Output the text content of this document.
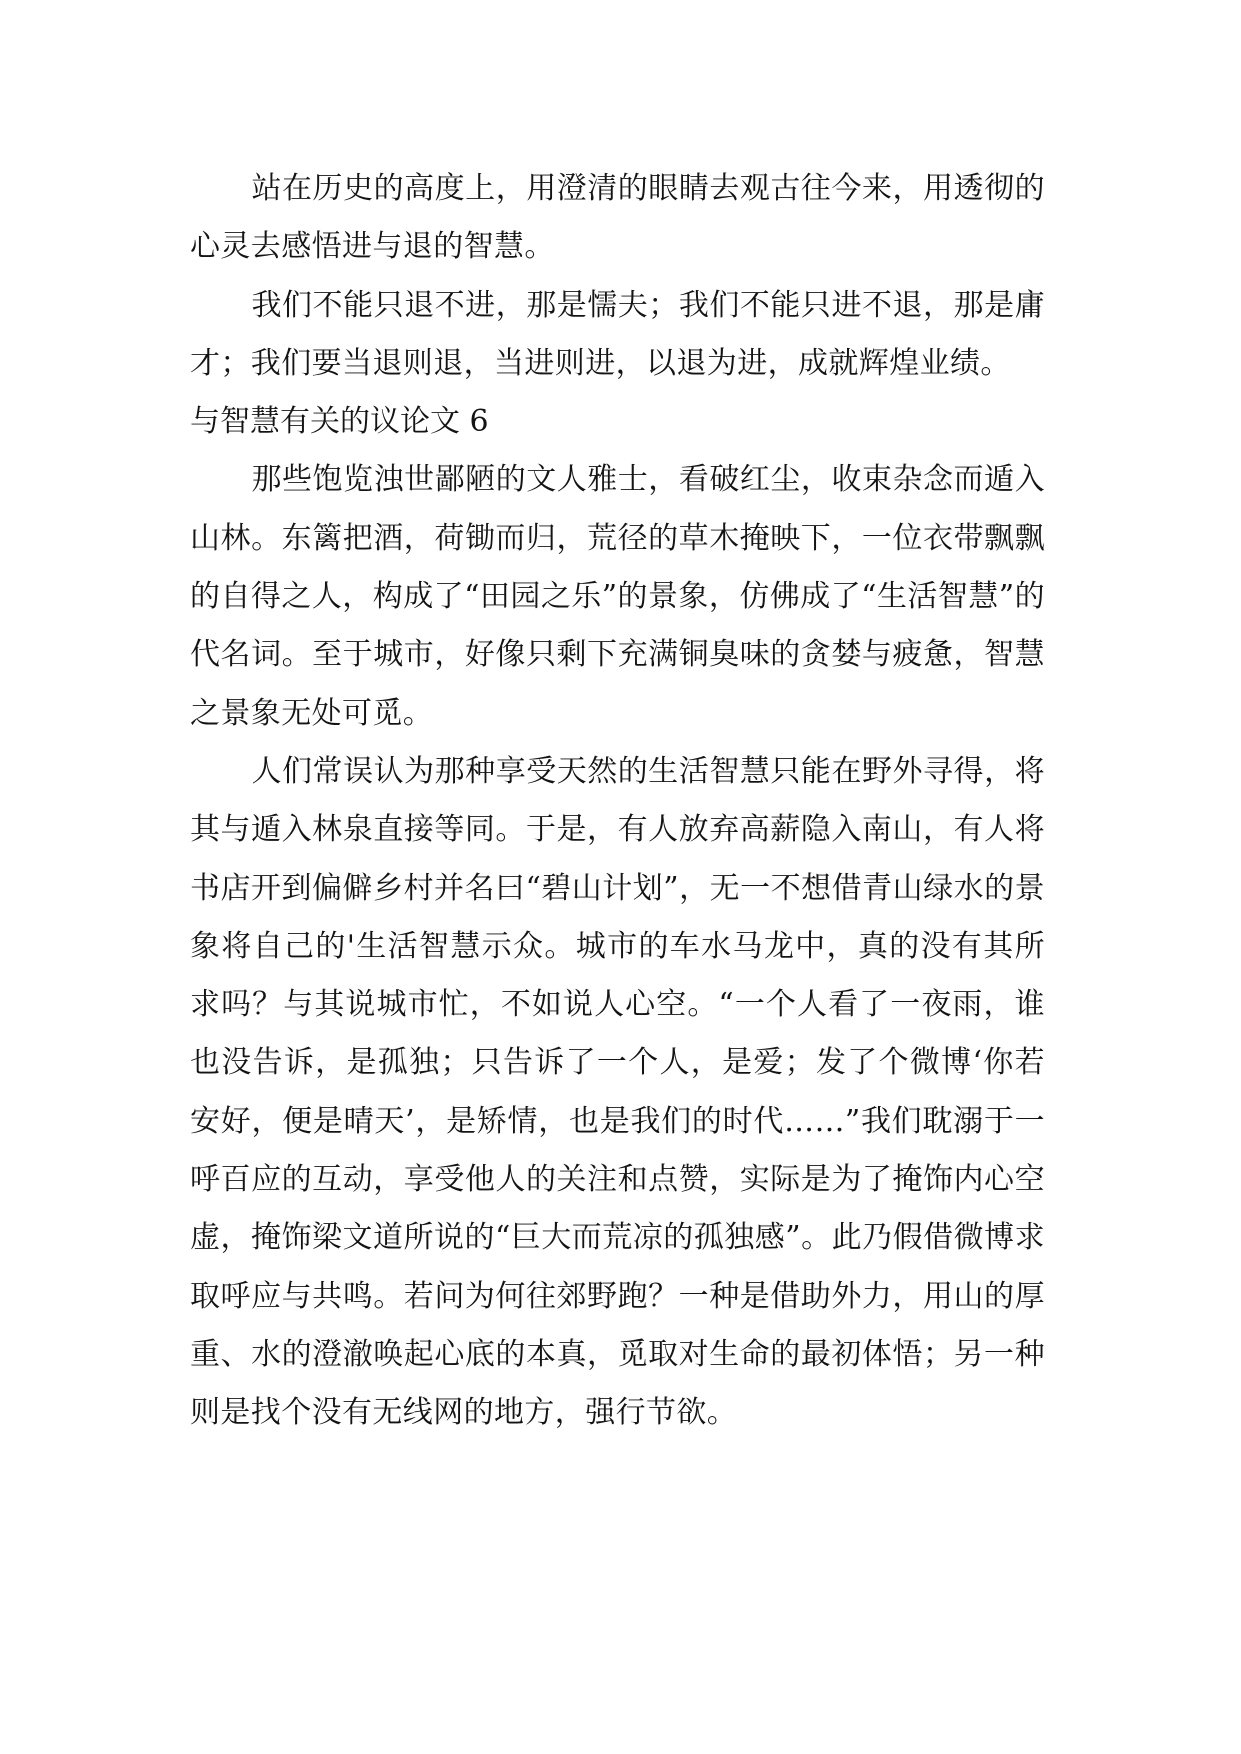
站在历史的高度上，用澄清的眼睛去观古往今来，用透彻的心灵去感悟进与退的智慧。

我们不能只退不进，那是懦夫；我们不能只进不退，那是庸才；我们要当退则退，当进则进，以退为进，成就辉煌业绩。

与智慧有关的议论文 6

那些饱览浊世鄙陋的文人雅士，看破红尘，收束杂念而遁入山林。东篱把酒，荷锄而归，荒径的草木掩映下，一位衣带飘飘的自得之人，构成了“田园之乐”的景象，仿佛成了“生活智慧”的代名词。至于城市，好像只剩下充满铜臭味的贪婪与疲惫，智慧之景象无处可觅。

人们常误认为那种享受天然的生活智慧只能在野外寻得，将其与遁入林泉直接等同。于是，有人放弃高薪隐入南山，有人将书店开到偏僻乡村并名曰“碧山计划”，无一不想借青山绿水的景象将自己的'生活智慧示众。城市的车水马龙中，真的没有其所求吗？与其说城市忙，不如说人心空。“一个人看了一夜雨，谁也没告诉，是孤独；只告诉了一个人，是爱；发了个微博‘你若安好，便是晴天’，是矫情，也是我们的时代……”我们耽溺于一呼百应的互动，享受他人的关注和点赞，实际是为了掩饰内心空虚，掩饰梁文道所说的“巨大而荒凉的孤独感”。此乃假借微博求取呼应与共鸣。若问为何往郊野跑？一种是借助外力，用山的厚重、水的澄澈唤起心底的本真，觅取对生命的最初体悟；另一种则是找个没有无线网的地方，强行节欲。
